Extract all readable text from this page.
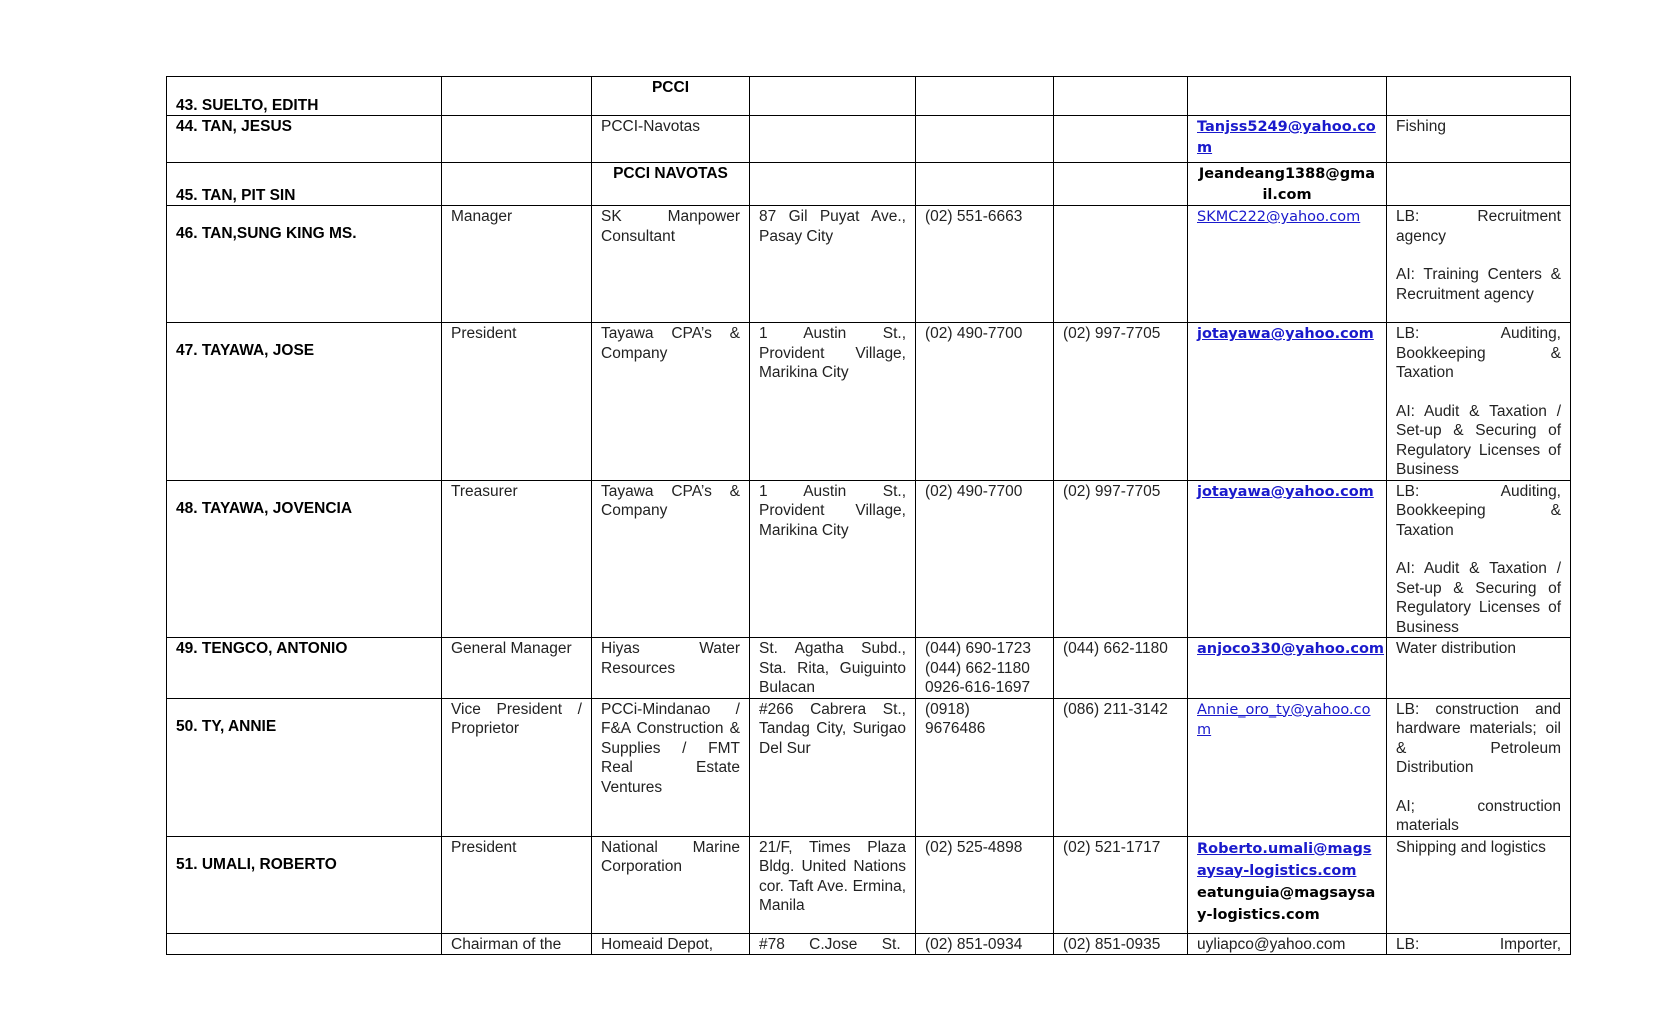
43. SUELTO, EDITH		PCCI					
44. TAN, JESUS		PCCI-Navotas				Tanjss5249@yahoo.com	Fishing
45. TAN, PIT SIN		PCCI NAVOTAS				Jeandeang1388@gmail.com	
46. TAN,SUNG KING MS.	Manager	SK Manpower Consultant	87 Gil Puyat Ave., Pasay City	(02) 551-6663		SKMC222@yahoo.com	LB: Recruitment agency
AI: Training Centers & Recruitment agency

47. TAYAWA, JOSE	President	Tayawa CPA’s & Company	1 Austin St., Provident Village, Marikina City	(02) 490-7700	(02) 997-7705	jotayawa@yahoo.com	LB: Auditing, Bookkeeping & Taxation
AI: Audit & Taxation / Set-up & Securing of Regulatory Licenses of Business

48. TAYAWA, JOVENCIA	Treasurer	Tayawa CPA’s & Company	1 Austin St., Provident Village, Marikina City	(02) 490-7700	(02) 997-7705	jotayawa@yahoo.com	LB: Auditing, Bookkeeping & Taxation
AI: Audit & Taxation / Set-up & Securing of Regulatory Licenses of Business

49. TENGCO, ANTONIO	General Manager	Hiyas Water Resources	St. Agatha Subd., Sta. Rita, Guiguinto Bulacan	(044) 690-1723
(044) 662-1180
0926-616-1697	(044) 662-1180	anjoco330@yahoo.com	Water distribution
50. TY, ANNIE	Vice President / Proprietor	PCCi-Mindanao / F&A Construction & Supplies / FMT Real Estate Ventures	#266 Cabrera St., Tandag City, Surigao Del Sur	(0918) 9676486	(086) 211-3142	Annie_oro_ty@yahoo.com	LB: construction and hardware materials; oil & Petroleum Distribution
AI; construction materials

51. UMALI, ROBERTO	President	National Marine Corporation	21/F, Times Plaza Bldg. United Nations cor. Taft Ave. Ermina, Manila	(02) 525-4898	(02) 521-1717	Roberto.umali@magsaysay-logistics.com
eatunguia@magsaysay-logistics.com	Shipping and logistics
	Chairman of the	Homeaid Depot,	#78 C.Jose St.	(02) 851-0934	(02) 851-0935	uyliapco@yahoo.com	LB: Importer,
